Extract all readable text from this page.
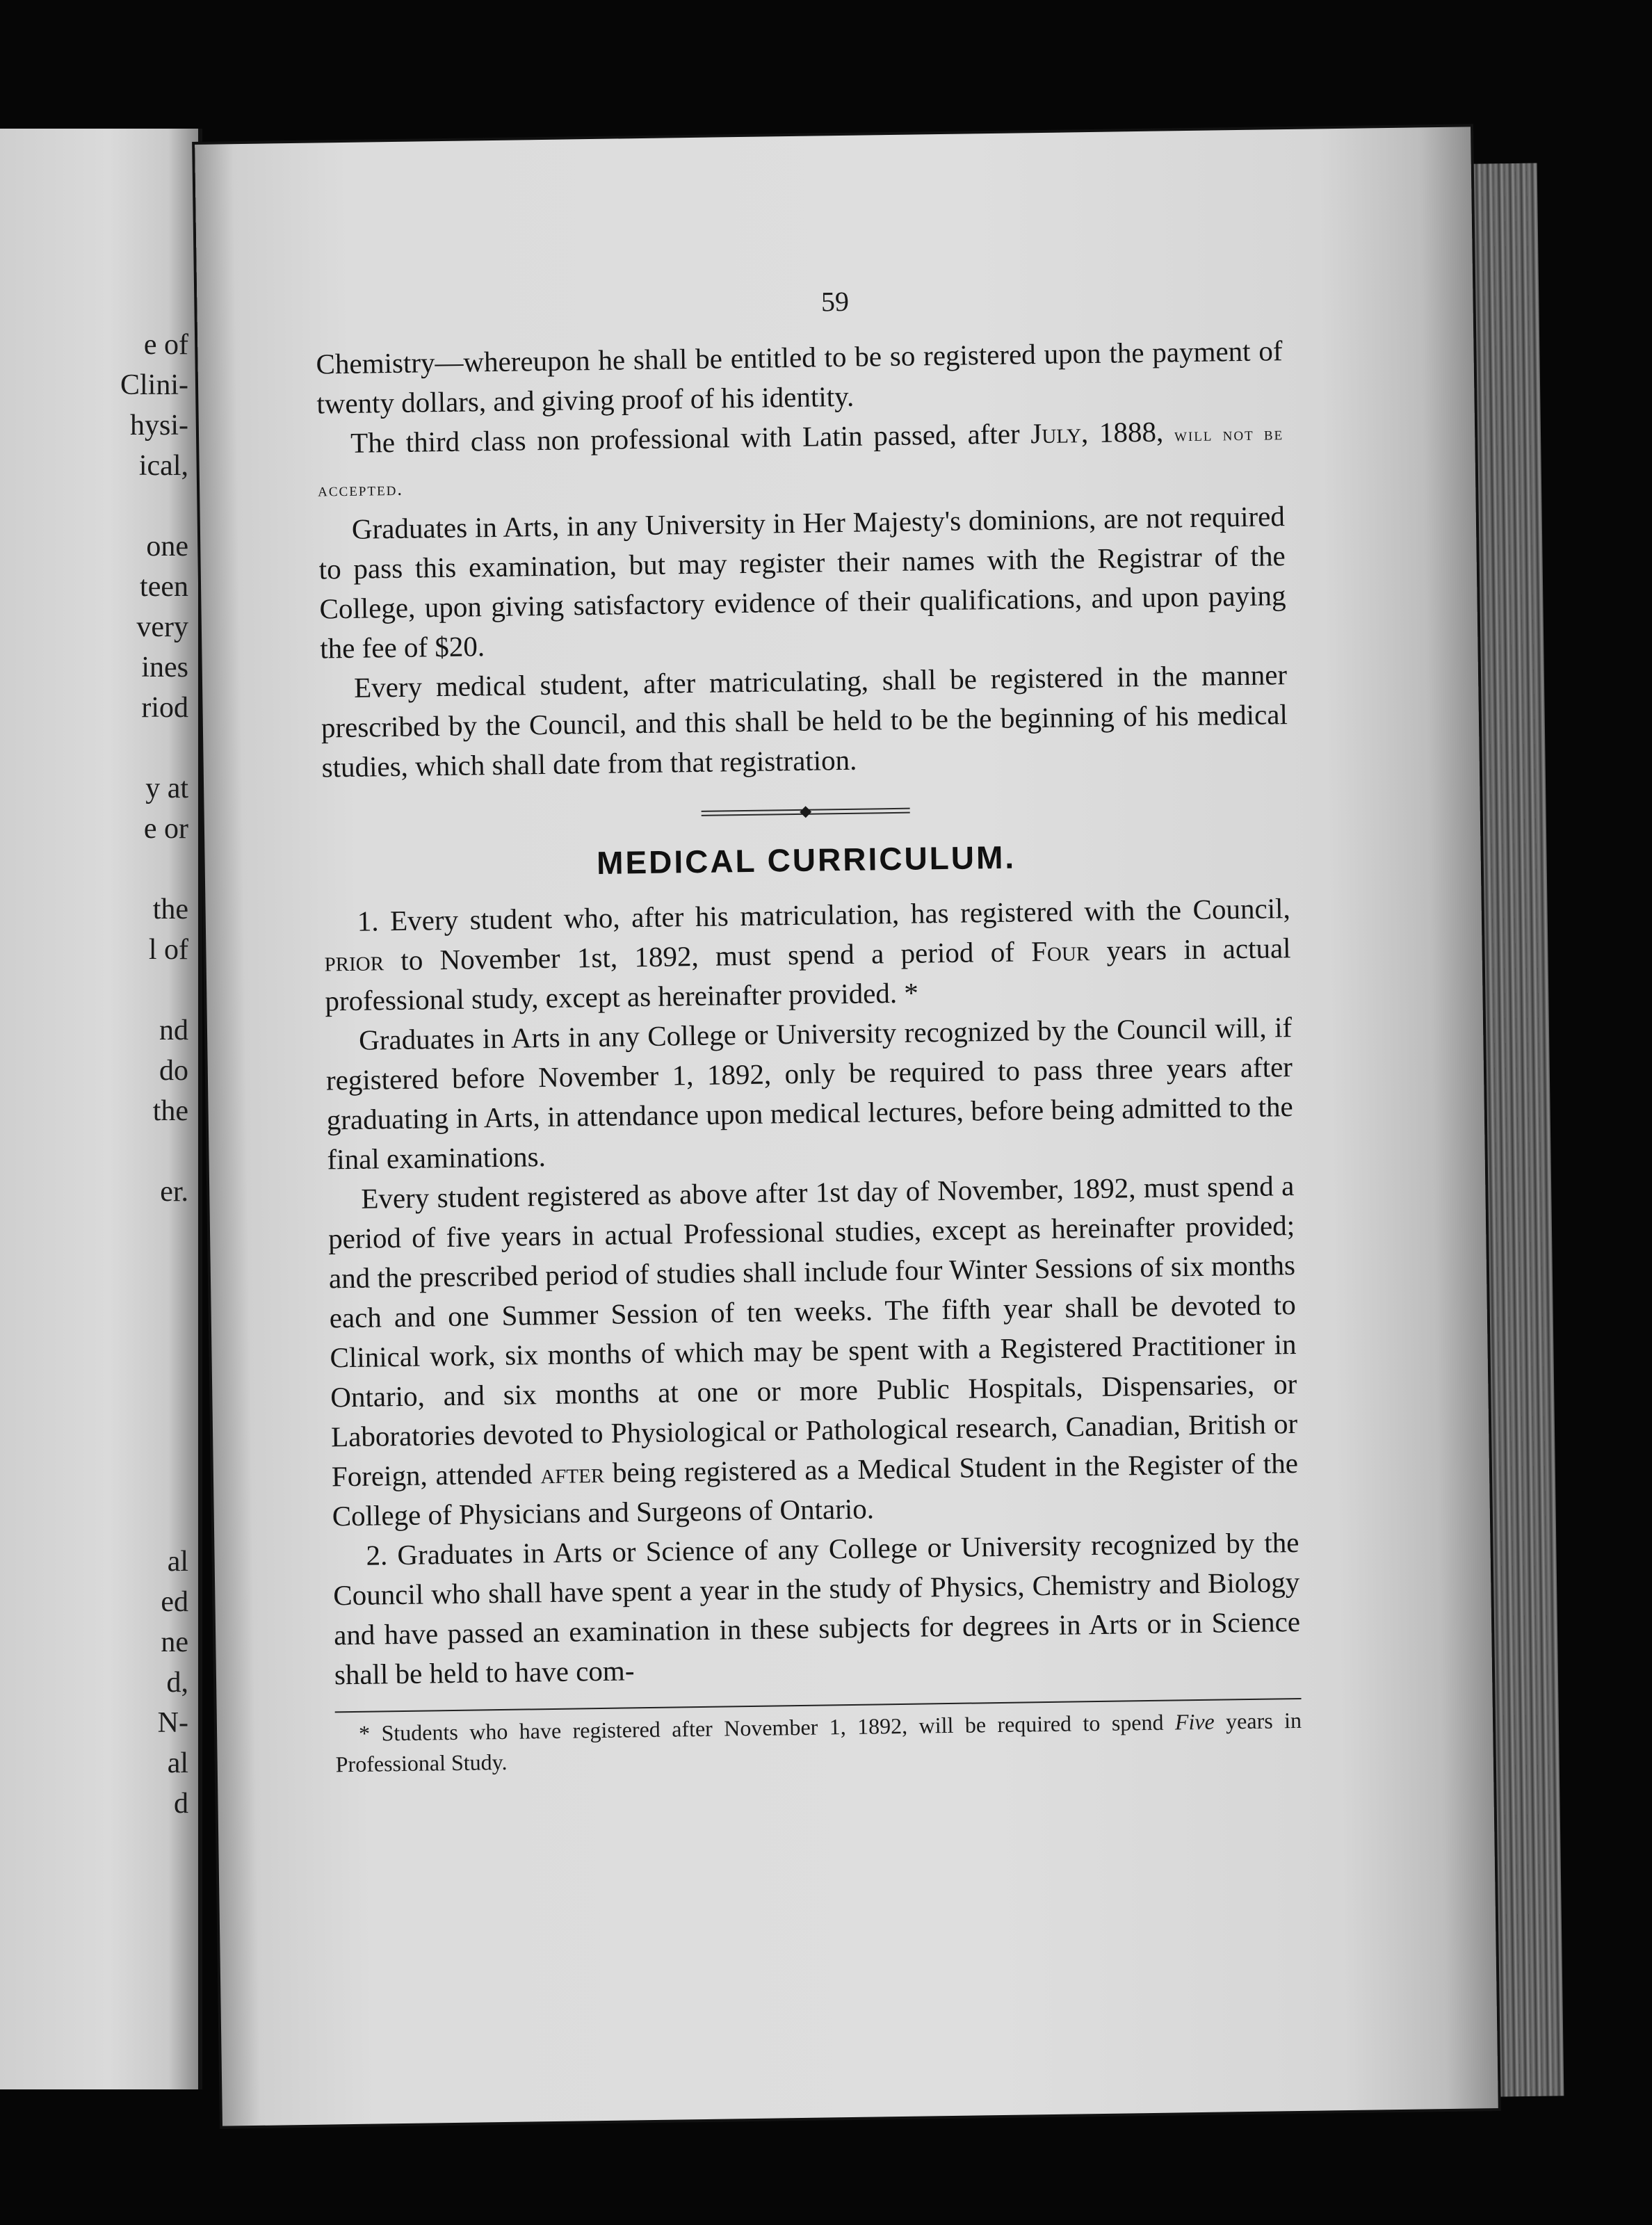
e of
Clini-
hysi-
ical,
one
teen
very
ines
riod
y at
e or
the
l of
nd
do
the
er.
al
ed
ne
d,
N-
al
d
59

Chemistry—whereupon he shall be entitled to be so registered upon the payment of twenty dollars, and giving proof of his identity.

The third class non professional with Latin passed, after July, 1888, will not be accepted.

Graduates in Arts, in any University in Her Majesty's dominions, are not required to pass this examination, but may register their names with the Registrar of the College, upon giving satisfactory evidence of their qualifications, and upon paying the fee of $20.

Every medical student, after matriculating, shall be registered in the manner prescribed by the Council, and this shall be held to be the beginning of his medical studies, which shall date from that registration.

MEDICAL CURRICULUM.

1. Every student who, after his matriculation, has registered with the Council, prior to November 1st, 1892, must spend a period of Four years in actual professional study, except as hereinafter provided. *

Graduates in Arts in any College or University recognized by the Council will, if registered before November 1, 1892, only be required to pass three years after graduating in Arts, in attendance upon medical lectures, before being admitted to the final examinations.

Every student registered as above after 1st day of November, 1892, must spend a period of five years in actual Professional studies, except as hereinafter provided; and the prescribed period of studies shall include four Winter Sessions of six months each and one Summer Session of ten weeks. The fifth year shall be devoted to Clinical work, six months of which may be spent with a Registered Practitioner in Ontario, and six months at one or more Public Hospitals, Dispensaries, or Laboratories devoted to Physiological or Pathological research, Canadian, British or Foreign, attended after being registered as a Medical Student in the Register of the College of Physicians and Surgeons of Ontario.

2. Graduates in Arts or Science of any College or University recognized by the Council who shall have spent a year in the study of Physics, Chemistry and Biology and have passed an examination in these subjects for degrees in Arts or in Science shall be held to have com-

* Students who have registered after November 1, 1892, will be required to spend Five years in Professional Study.
